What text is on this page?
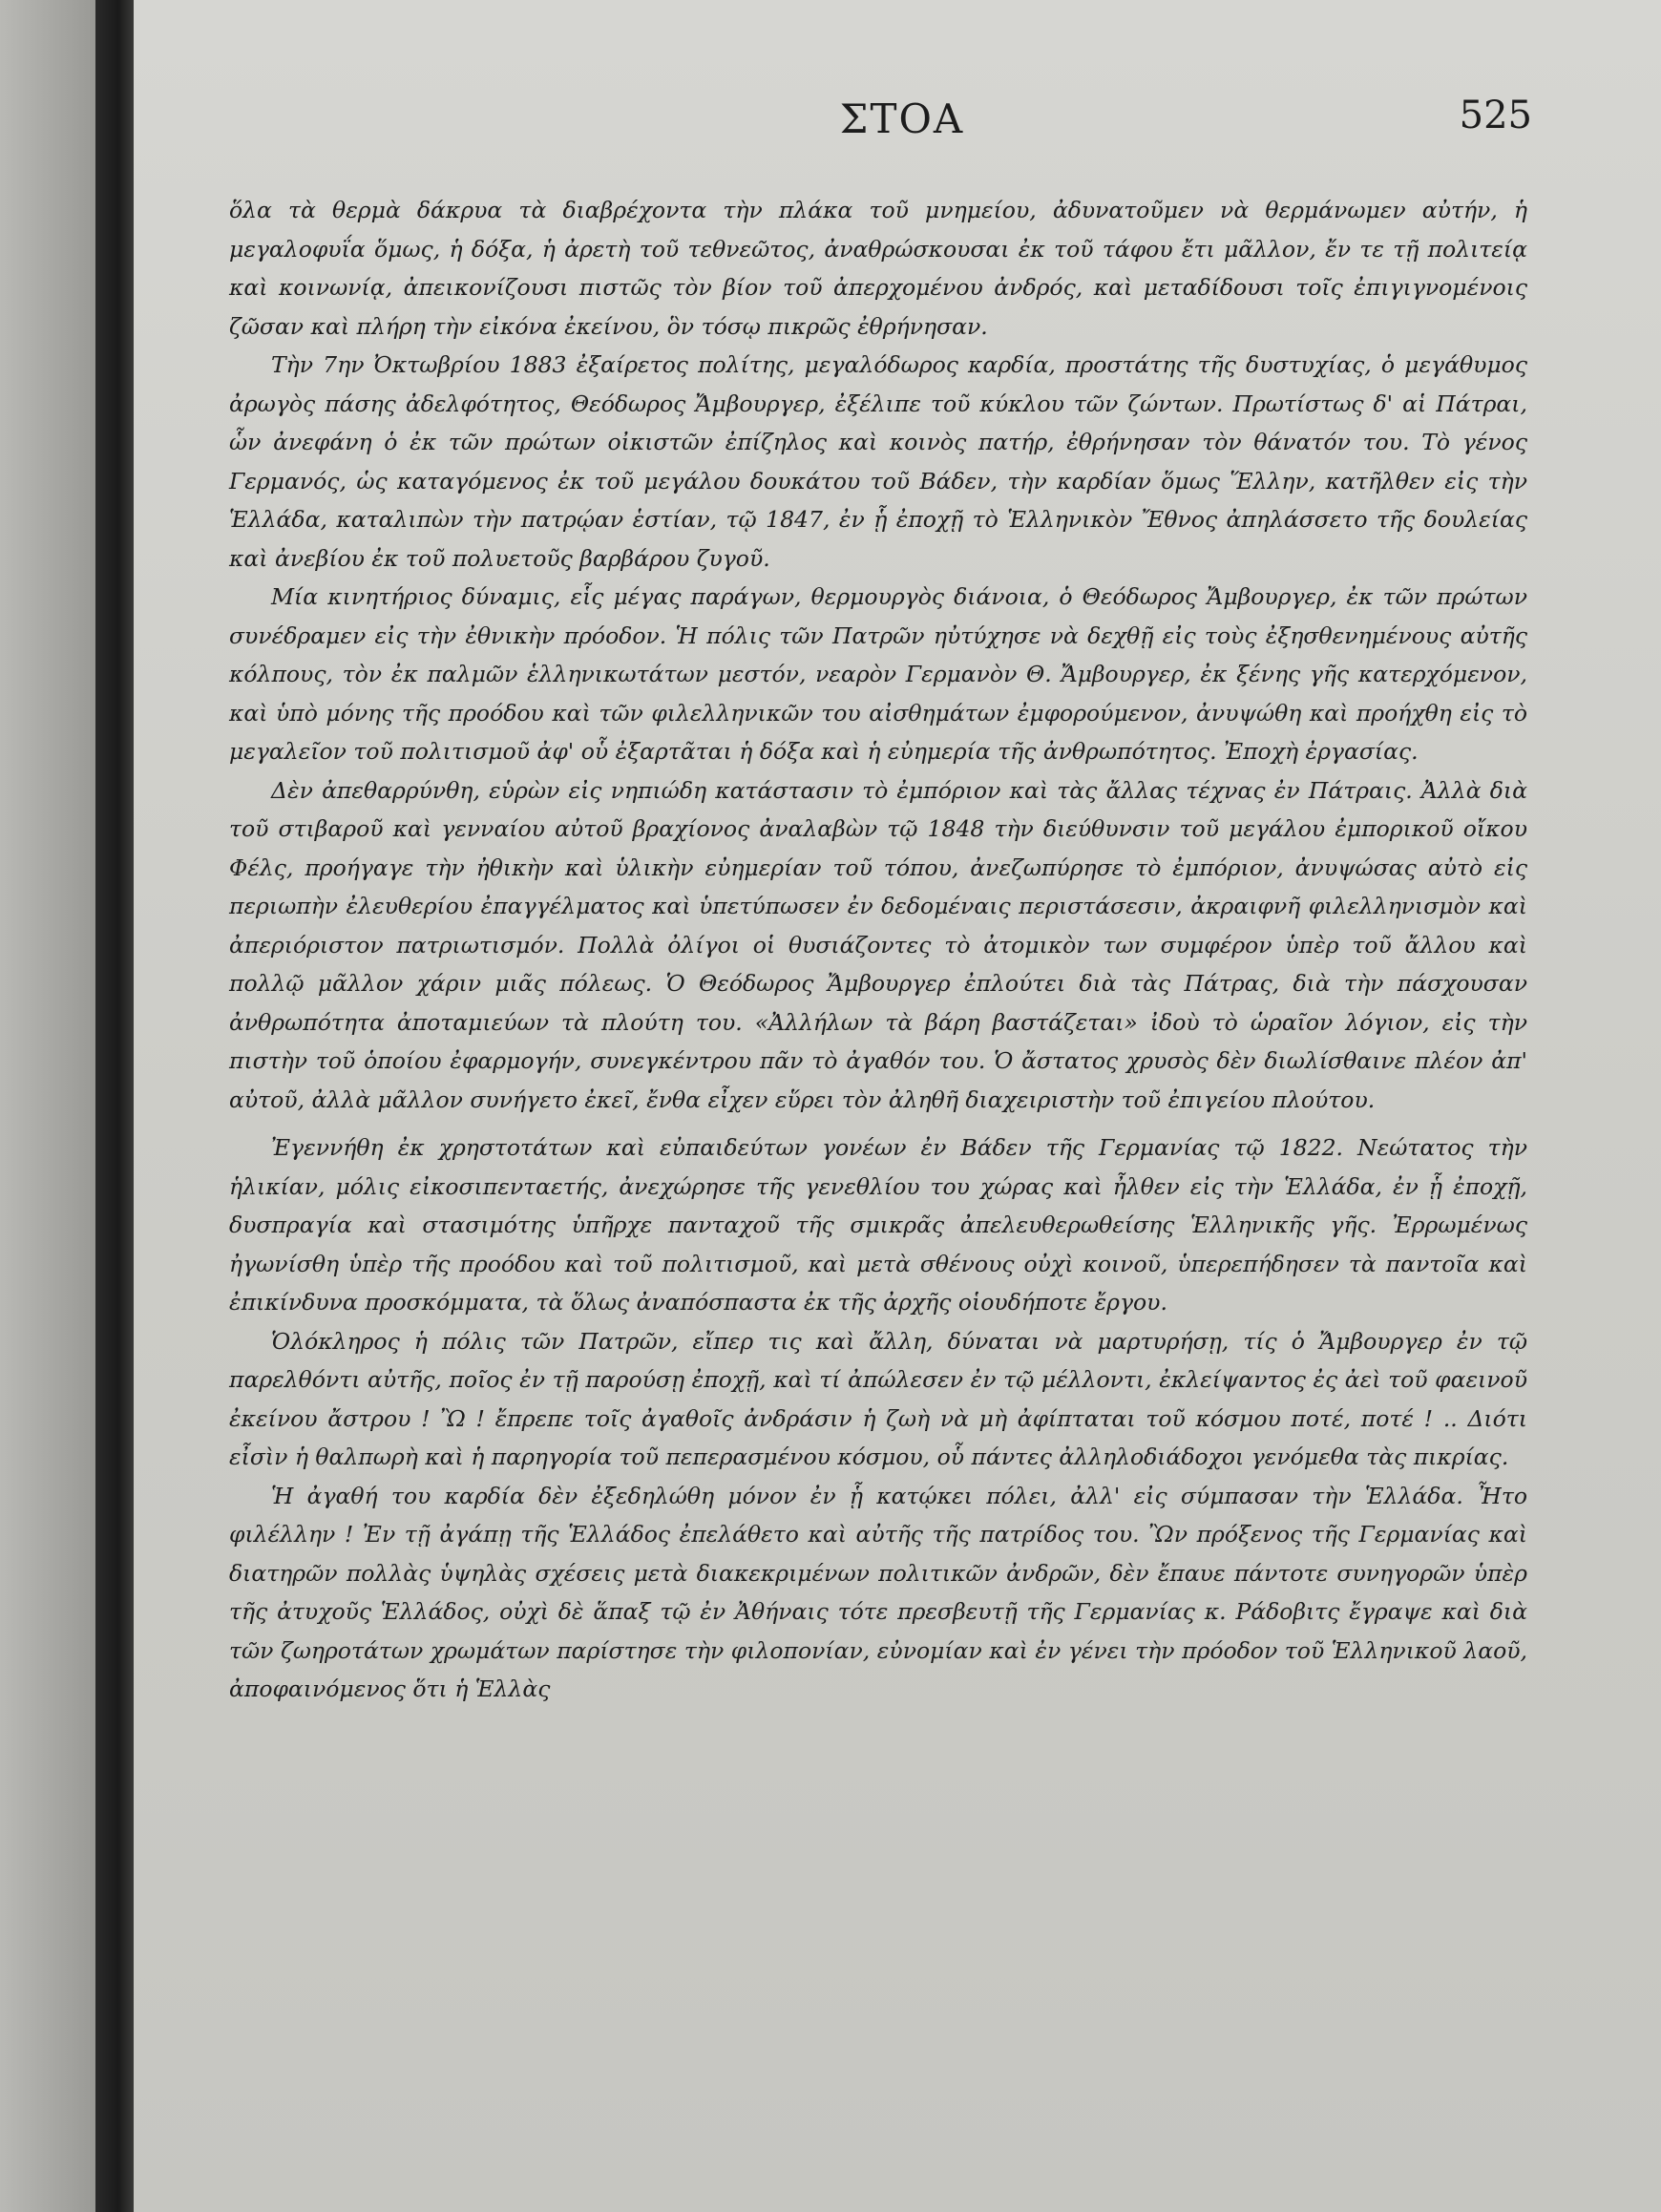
ΣΤΟΑ	525

ὅλα τὰ θερμὰ δάκρυα τὰ διαβρέχοντα τὴν πλάκα τοῦ μνημείου, ἀδυνατοῦμεν νὰ θερμάνωμεν αὐτήν, ἡ μεγαλοφυΐα ὅμως, ἡ δόξα, ἡ ἀρετὴ τοῦ τεθνεῶτος, ἀναθρώσκουσαι ἐκ τοῦ τάφου ἔτι μᾶλλον, ἔν τε τῇ πολιτείᾳ καὶ κοινωνίᾳ, ἀπεικονίζουσι πιστῶς τὸν βίον τοῦ ἀπερχομένου ἀνδρός, καὶ μεταδίδουσι τοῖς ἐπιγιγνομένοις ζῶσαν καὶ πλήρη τὴν εἰκόνα ἐκείνου, ὃν τόσῳ πικρῶς ἐθρήνησαν.

Τὴν 7ην Ὀκτωβρίου 1883 ἐξαίρετος πολίτης, μεγαλόδωρος καρδία, προστάτης τῆς δυστυχίας, ὁ μεγάθυμος ἀρωγὸς πάσης ἀδελφότητος, Θεόδωρος Ἄμβουργερ, ἐξέλιπε τοῦ κύκλου τῶν ζώντων. Πρωτίστως δ' αἱ Πάτραι, ὧν ἀνεφάνη ὁ ἐκ τῶν πρώτων οἰκιστῶν ἐπίζηλος καὶ κοινὸς πατήρ, ἐθρήνησαν τὸν θάνατόν του. Τὸ γένος Γερμανός, ὡς καταγόμενος ἐκ τοῦ μεγάλου δουκάτου τοῦ Βάδεν, τὴν καρδίαν ὅμως Ἕλλην, κατῆλθεν εἰς τὴν Ἑλλάδα, καταλιπὼν τὴν πατρῴαν ἑστίαν, τῷ 1847, ἐν ᾗ ἐποχῇ τὸ Ἑλληνικὸν Ἔθνος ἀπηλάσσετο τῆς δουλείας καὶ ἀνεβίου ἐκ τοῦ πολυετοῦς βαρβάρου ζυγοῦ.

Μία κινητήριος δύναμις, εἷς μέγας παράγων, θερμουργὸς διάνοια, ὁ Θεόδωρος Ἄμβουργερ, ἐκ τῶν πρώτων συνέδραμεν εἰς τὴν ἐθνικὴν πρόοδον. Ἡ πόλις τῶν Πατρῶν ηὐτύχησε νὰ δεχθῇ εἰς τοὺς ἐξησθενημένους αὐτῆς κόλπους, τὸν ἐκ παλμῶν ἑλληνικωτάτων μεστόν, νεαρὸν Γερμανὸν Θ. Ἄμβουργερ, ἐκ ξένης γῆς κατερχόμενον, καὶ ὑπὸ μόνης τῆς προόδου καὶ τῶν φιλελληνικῶν του αἰσθημάτων ἐμφορούμενον, ἀνυψώθη καὶ προήχθη εἰς τὸ μεγαλεῖον τοῦ πολιτισμοῦ ἀφ' οὗ ἐξαρτᾶται ἡ δόξα καὶ ἡ εὐημερία τῆς ἀνθρωπότητος. Ἐποχὴ ἐργασίας.

Δὲν ἀπεθαρρύνθη, εὑρὼν εἰς νηπιώδη κατάστασιν τὸ ἐμπόριον καὶ τὰς ἄλλας τέχνας ἐν Πάτραις. Ἀλλὰ διὰ τοῦ στιβαροῦ καὶ γενναίου αὐτοῦ βραχίονος ἀναλαβὼν τῷ 1848 τὴν διεύθυνσιν τοῦ μεγάλου ἐμπορικοῦ οἴκου Φέλς, προήγαγε τὴν ἠθικὴν καὶ ὑλικὴν εὐημερίαν τοῦ τόπου, ἀνεζωπύρησε τὸ ἐμπόριον, ἀνυψώσας αὐτὸ εἰς περιωπὴν ἐλευθερίου ἐπαγγέλματος καὶ ὑπετύπωσεν ἐν δεδομέναις περιστάσεσιν, ἀκραιφνῆ φιλελληνισμὸν καὶ ἀπεριόριστον πατριωτισμόν. Πολλὰ ὀλίγοι οἱ θυσιάζοντες τὸ ἀτομικὸν των συμφέρον ὑπὲρ τοῦ ἄλλου καὶ πολλῷ μᾶλλον χάριν μιᾶς πόλεως. Ὁ Θεόδωρος Ἄμβουργερ ἐπλούτει διὰ τὰς Πάτρας, διὰ τὴν πάσχουσαν ἀνθρωπότητα ἀποταμιεύων τὰ πλούτη του. «Ἀλλήλων τὰ βάρη βαστάζεται» ἰδοὺ τὸ ὡραῖον λόγιον, εἰς τὴν πιστὴν τοῦ ὁποίου ἐφαρμογήν, συνεγκέντρου πᾶν τὸ ἀγαθόν του. Ὁ ἄστατος χρυσὸς δὲν διωλίσθαινε πλέον ἀπ' αὐτοῦ, ἀλλὰ μᾶλλον συνήγετο ἐκεῖ, ἔνθα εἶχεν εὕρει τὸν ἀληθῆ διαχειριστὴν τοῦ ἐπιγείου πλούτου.

Ἐγεννήθη ἐκ χρηστοτάτων καὶ εὐπαιδεύτων γονέων ἐν Βάδεν τῆς Γερμανίας τῷ 1822. Νεώτατος τὴν ἡλικίαν, μόλις εἰκοσιπενταετής, ἀνεχώρησε τῆς γενεθλίου του χώρας καὶ ἦλθεν εἰς τὴν Ἑλλάδα, ἐν ᾗ ἐποχῇ, δυσπραγία καὶ στασιμότης ὑπῆρχε πανταχοῦ τῆς σμικρᾶς ἀπελευθερωθείσης Ἑλληνικῆς γῆς. Ἐρρωμένως ἠγωνίσθη ὑπὲρ τῆς προόδου καὶ τοῦ πολιτισμοῦ, καὶ μετὰ σθένους οὐχὶ κοινοῦ, ὑπερεπήδησεν τὰ παντοῖα καὶ ἐπικίνδυνα προσκόμματα, τὰ ὅλως ἀναπόσπαστα ἐκ τῆς ἀρχῆς οἱουδήποτε ἔργου.

Ὁλόκληρος ἡ πόλις τῶν Πατρῶν, εἴπερ τις καὶ ἄλλη, δύναται νὰ μαρτυρήσῃ, τίς ὁ Ἄμβουργερ ἐν τῷ παρελθόντι αὐτῆς, ποῖος ἐν τῇ παρούσῃ ἐποχῇ, καὶ τί ἀπώλεσεν ἐν τῷ μέλλοντι, ἐκλείψαντος ἐς ἀεὶ τοῦ φαεινοῦ ἐκείνου ἄστρου ! Ὢ ! ἔπρεπε τοῖς ἀγαθοῖς ἀνδράσιν ἡ ζωὴ νὰ μὴ ἀφίπταται τοῦ κόσμου ποτέ, ποτέ ! .. Διότι εἶσὶν ἡ θαλπωρὴ καὶ ἡ παρηγορία τοῦ πεπερασμένου κόσμου, οὗ πάντες ἀλληλοδιάδοχοι γενόμεθα τὰς πικρίας.

Ἡ ἀγαθή του καρδία δὲν ἐξεδηλώθη μόνον ἐν ᾗ κατῴκει πόλει, ἀλλ' εἰς σύμπασαν τὴν Ἑλλάδα. Ἦτο φιλέλλην ! Ἐν τῇ ἀγάπῃ τῆς Ἑλλάδος ἐπελάθετο καὶ αὐτῆς τῆς πατρίδος του. Ὢν πρόξενος τῆς Γερμανίας καὶ διατηρῶν πολλὰς ὑψηλὰς σχέσεις μετὰ διακεκριμένων πολιτικῶν ἀνδρῶν, δὲν ἔπαυε πάντοτε συνηγορῶν ὑπὲρ τῆς ἀτυχοῦς Ἑλλάδος, οὐχὶ δὲ ἅπαξ τῷ ἐν Ἀθήναις τότε πρεσβευτῇ τῆς Γερμανίας κ. Ράδοβιτς ἔγραψε καὶ διὰ τῶν ζωηροτάτων χρωμάτων παρίστησε τὴν φιλοπονίαν, εὐνομίαν καὶ ἐν γένει τὴν πρόοδον τοῦ Ἑλληνικοῦ λαοῦ, ἀποφαινόμενος ὅτι ἡ Ἑλλὰς
